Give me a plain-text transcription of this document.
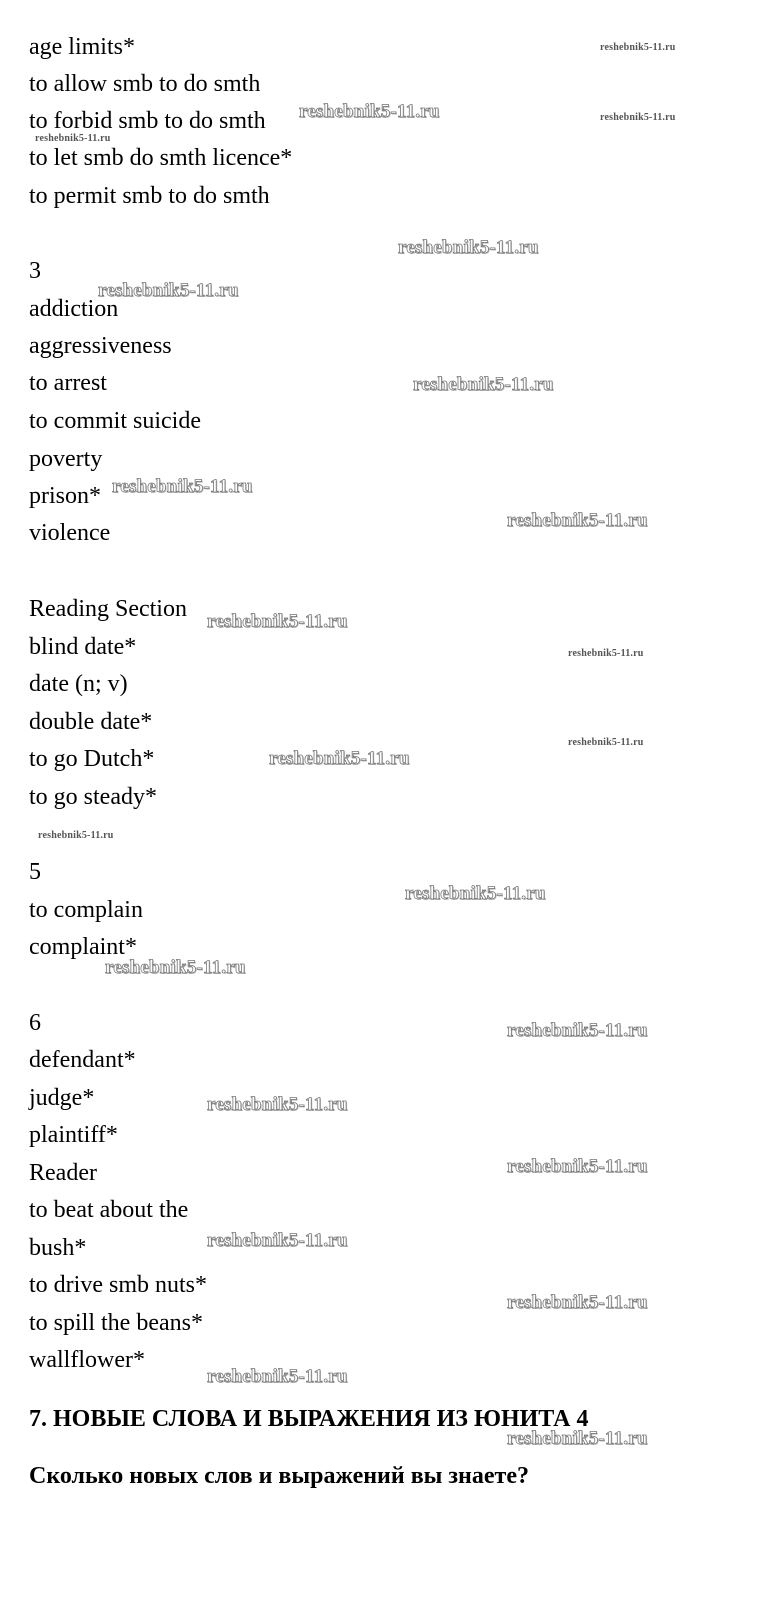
age limits*
to allow smb to do smth
to forbid smb to do smth
to let smb do smth licence*
to permit smb to do smth
3
addiction
aggressiveness
to arrest
to commit suicide
poverty
prison*
violence
Reading Section
blind date*
date (n; v)
double date*
to go Dutch*
to go steady*
5
to complain
complaint*
6
defendant*
judge*
plaintiff*
Reader
to beat about the
bush*
to drive smb nuts*
to spill the beans*
wallflower*
7. НОВЫЕ СЛОВА И ВЫРАЖЕНИЯ ИЗ ЮНИТА 4
Сколько новых слов и выражений вы знаете?
reshebnik5-11.ru
reshebnik5-11.ru	reshebnik5-11.ru
reshebnik5-11.ru
reshebnik5-11.ru
reshebnik5-11.ru
reshebnik5-11.ru
reshebnik5-11.ru
reshebnik5-11.ru
reshebnik5-11.ru
reshebnik5-11.ru
reshebnik5-11.ru
reshebnik5-11.ru
reshebnik5-11.ru
reshebnik5-11.ru
reshebnik5-11.ru
reshebnik5-11.ru
reshebnik5-11.ru
reshebnik5-11.ru
reshebnik5-11.ru
reshebnik5-11.ru
reshebnik5-11.ru
reshebnik5-11.ru
